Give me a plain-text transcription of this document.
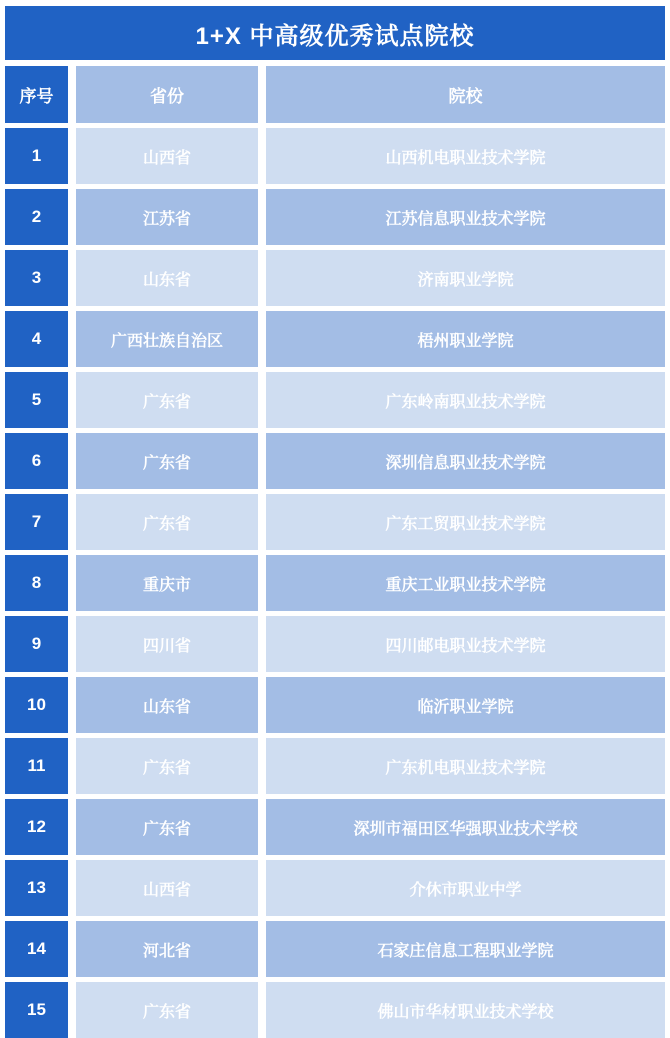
1+X 中高级优秀试点院校
序号	省份	院校
1	山西省	山西机电职业技术学院
2	江苏省	江苏信息职业技术学院
3	山东省	济南职业学院
4	广西壮族自治区	梧州职业学院
5	广东省	广东岭南职业技术学院
6	广东省	深圳信息职业技术学院
7	广东省	广东工贸职业技术学院
8	重庆市	重庆工业职业技术学院
9	四川省	四川邮电职业技术学院
10	山东省	临沂职业学院
11	广东省	广东机电职业技术学院
12	广东省	深圳市福田区华强职业技术学校
13	山西省	介休市职业中学
14	河北省	石家庄信息工程职业学院
15	广东省	佛山市华材职业技术学校
